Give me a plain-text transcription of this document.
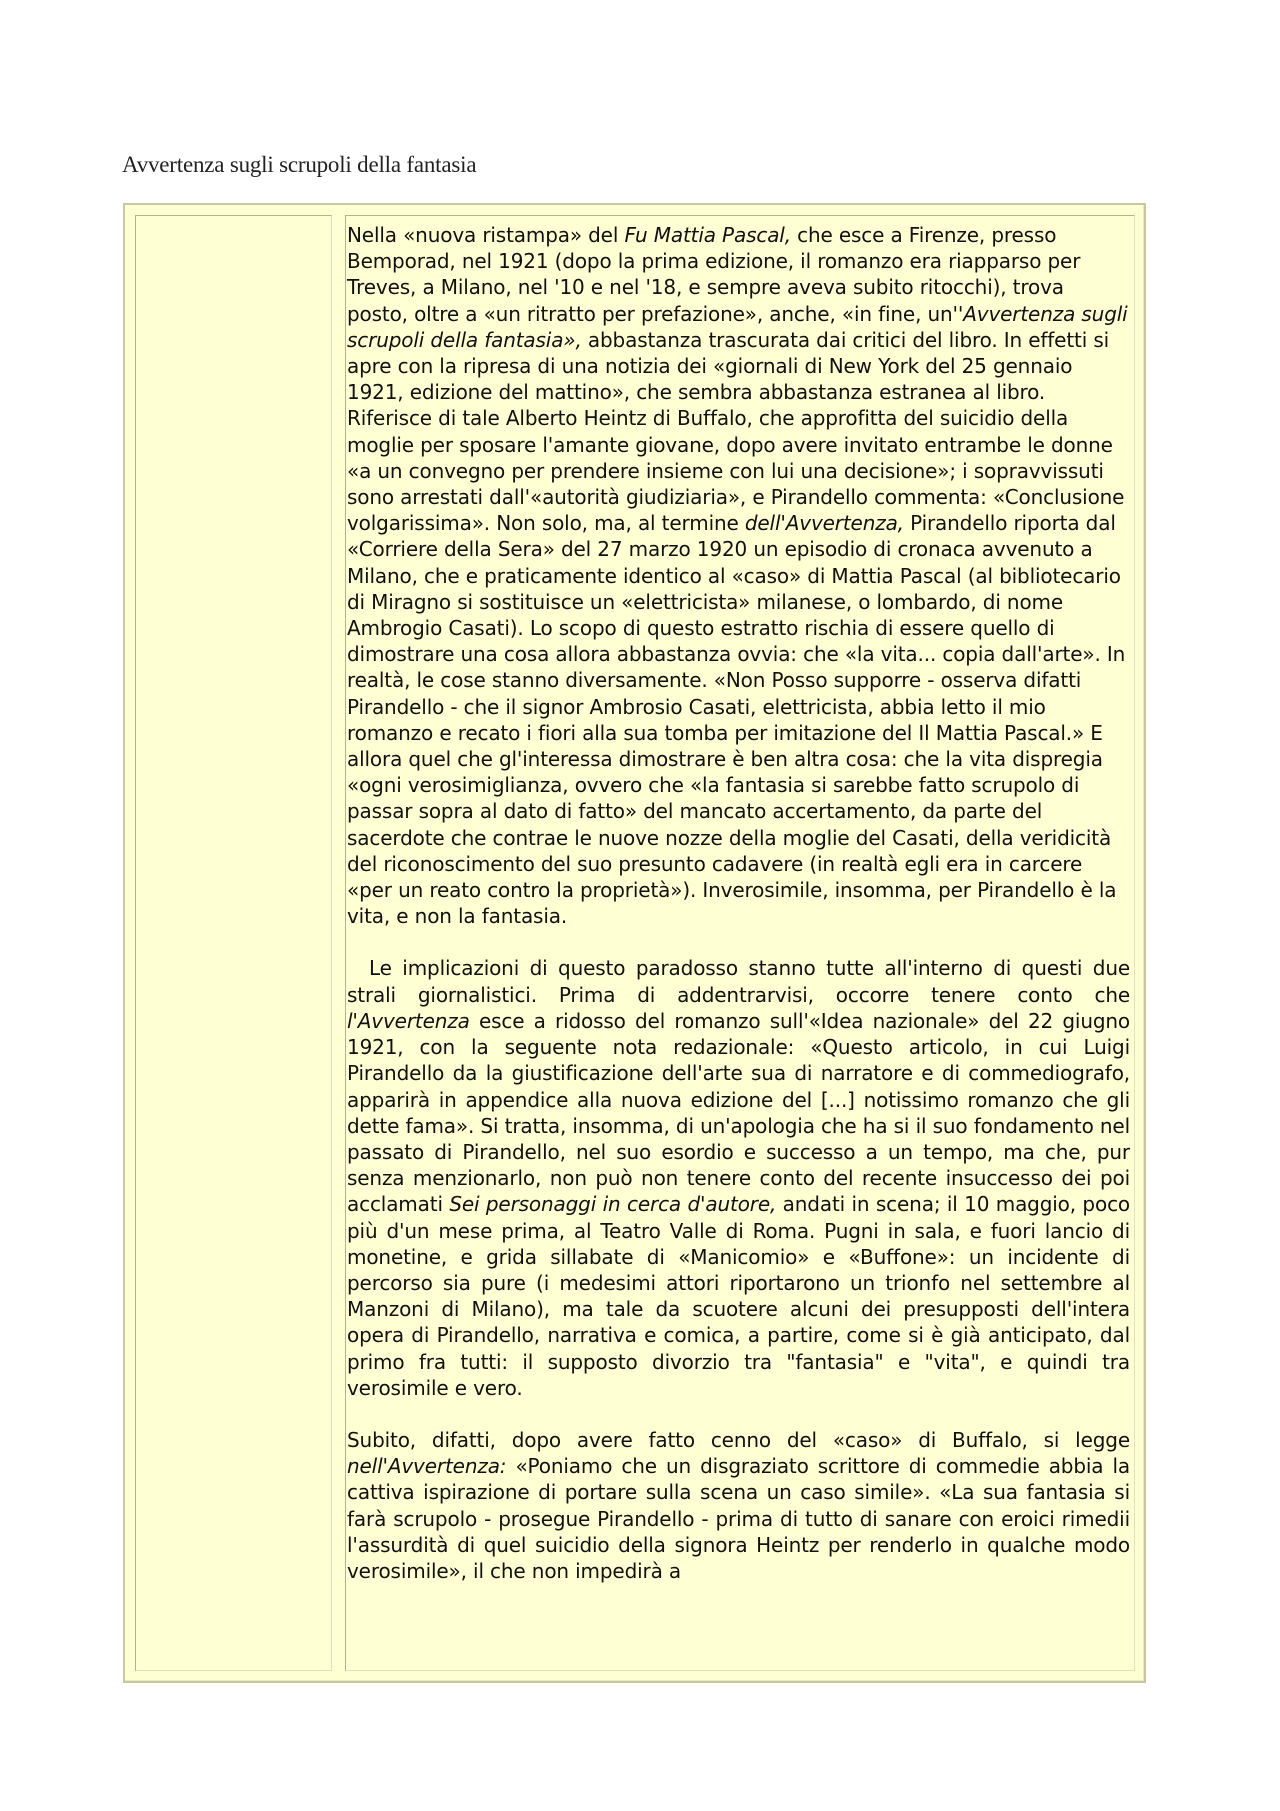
Avvertenza sugli scrupoli della fantasia

Nella «nuova ristampa» del Fu Mattia Pascal, che esce a Firenze, presso Bemporad, nel 1921 (dopo la prima edizione, il romanzo era riapparso per Treves, a Milano, nel '10 e nel '18, e sempre aveva subito ritocchi), trova posto, oltre a «un ritratto per prefazione», anche, «in fine, un''Avvertenza sugli scrupoli della fantasia», abbastanza trascurata dai critici del libro. In effetti si apre con la ripresa di una notizia dei «giornali di New York del 25 gennaio 1921, edizione del mattino», che sembra abbastanza estranea al libro. Riferisce di tale Alberto Heintz di Buffalo, che approfitta del suicidio della moglie per sposare l'amante giovane, dopo avere invitato entrambe le donne «a un convegno per prendere insieme con lui una decisione»; i sopravvissuti sono arrestati dall'«autorità giudiziaria», e Pirandello commenta: «Conclusione volgarissima». Non solo, ma, al termine dell'Avvertenza, Pirandello riporta dal «Corriere della Sera» del 27 marzo 1920 un episodio di cronaca avvenuto a Milano, che e praticamente identico al «caso» di Mattia Pascal (al bibliotecario di Miragno si sostituisce un «elettricista» milanese, o lombardo, di nome Ambrogio Casati). Lo scopo di questo estratto rischia di essere quello di dimostrare una cosa allora abbastanza ovvia: che «la vita... copia dall'arte». In realtà, le cose stanno diversamente. «Non Posso supporre - osserva difatti Pirandello - che il signor Ambrosio Casati, elettricista, abbia letto il mio romanzo e recato i fiori alla sua tomba per imitazione del Il Mattia Pascal.» E allora quel che gl'interessa dimostrare è ben altra cosa: che la vita dispregia «ogni verosimiglianza, ovvero che «la fantasia si sarebbe fatto scrupolo di passar sopra al dato di fatto» del mancato accertamento, da parte del sacerdote che contrae le nuove nozze della moglie del Casati, della veridicità del riconoscimento del suo presunto cadavere (in realtà egli era in carcere «per un reato contro la proprietà»). Inverosimile, insomma, per Pirandello è la vita, e non la fantasia.

Le implicazioni di questo paradosso stanno tutte all'interno di questi due strali giornalistici. Prima di addentrarvisi, occorre tenere conto che l'Avvertenza esce a ridosso del romanzo sull'«Idea nazionale» del 22 giugno 1921, con la seguente nota redazionale: «Questo articolo, in cui Luigi Pirandello da la giustificazione dell'arte sua di narratore e di commediografo, apparirà in appendice alla nuova edizione del [...] notissimo romanzo che gli dette fama». Si tratta, insomma, di un'apologia che ha si il suo fondamento nel passato di Pirandello, nel suo esordio e successo a un tempo, ma che, pur senza menzionarlo, non può non tenere conto del recente insuccesso dei poi acclamati Sei personaggi in cerca d'autore, andati in scena; il 10 maggio, poco più d'un mese prima, al Teatro Valle di Roma. Pugni in sala, e fuori lancio di monetine, e grida sillabate di «Manicomio» e «Buffone»: un incidente di percorso sia pure (i medesimi attori riportarono un trionfo nel settembre al Manzoni di Milano), ma tale da scuotere alcuni dei presupposti dell'intera opera di Pirandello, narrativa e comica, a partire, come si è già anticipato, dal primo fra tutti: il supposto divorzio tra "fantasia" e "vita", e quindi tra verosimile e vero.

Subito, difatti, dopo avere fatto cenno del «caso» di Buffalo, si legge nell'Avvertenza: «Poniamo che un disgraziato scrittore di commedie abbia la cattiva ispirazione di portare sulla scena un caso simile». «La sua fantasia si farà scrupolo - prosegue Pirandello - prima di tutto di sanare con eroici rimedii l'assurdità di quel suicidio della signora Heintz per renderlo in qualche modo verosimile», il che non impedirà a
